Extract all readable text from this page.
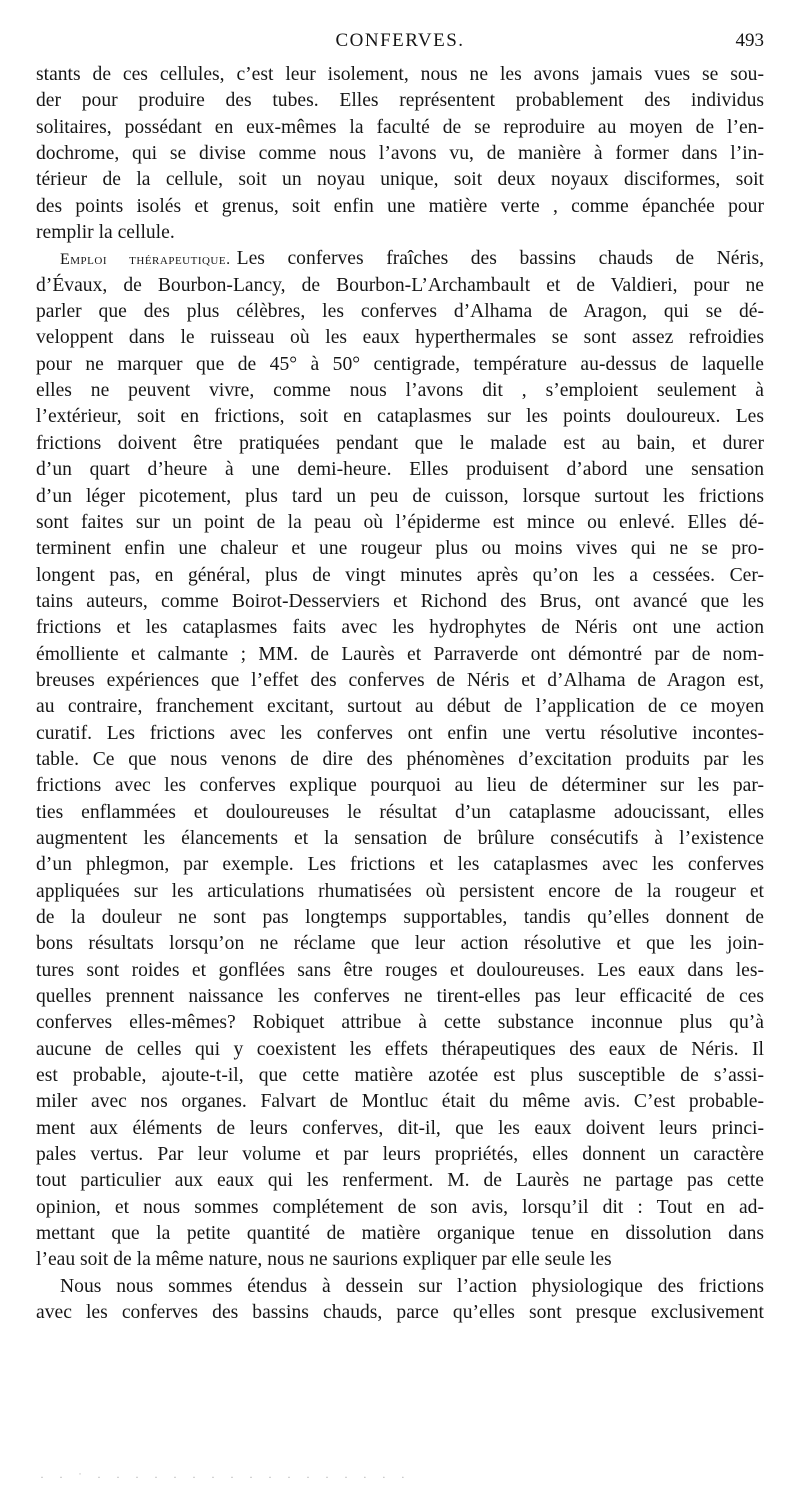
CONFERVES.	493
stants de ces cellules, c’est leur isolement, nous ne les avons jamais vues se sou-
der pour produire des tubes. Elles représentent probablement des individus
solitaires, possédant en eux-mêmes la faculté de se reproduire au moyen de l’en-
dochrome, qui se divise comme nous l’avons vu, de manière à former dans l’in-
térieur de la cellule, soit un noyau unique, soit deux noyaux disciformes, soit
des points isolés et grenus, soit enfin une matière verte , comme épanchée pour
remplir la cellule.
Emploi thérapeutique. Les conferves fraîches des bassins chauds de Néris,
d’Évaux, de Bourbon-Lancy, de Bourbon-L’Archambault et de Valdieri, pour ne
parler que des plus célèbres, les conferves d’Alhama de Aragon, qui se dé-
veloppent dans le ruisseau où les eaux hyperthermales se sont assez refroidies
pour ne marquer que de 45° à 50° centigrade, température au-dessus de laquelle
elles ne peuvent vivre, comme nous l’avons dit , s’emploient seulement à
l’extérieur, soit en frictions, soit en cataplasmes sur les points douloureux. Les
frictions doivent être pratiquées pendant que le malade est au bain, et durer
d’un quart d’heure à une demi-heure. Elles produisent d’abord une sensation
d’un léger picotement, plus tard un peu de cuisson, lorsque surtout les frictions
sont faites sur un point de la peau où l’épiderme est mince ou enlevé. Elles dé-
terminent enfin une chaleur et une rougeur plus ou moins vives qui ne se pro-
longent pas, en général, plus de vingt minutes après qu’on les a cessées. Cer-
tains auteurs, comme Boirot-Desserviers et Richond des Brus, ont avancé que les
frictions et les cataplasmes faits avec les hydrophytes de Néris ont une action
émolliente et calmante ; MM. de Laurès et Parraverde ont démontré par de nom-
breuses expériences que l’effet des conferves de Néris et d’Alhama de Aragon est,
au contraire, franchement excitant, surtout au début de l’application de ce moyen
curatif. Les frictions avec les conferves ont enfin une vertu résolutive incontes-
table. Ce que nous venons de dire des phénomènes d’excitation produits par les
frictions avec les conferves explique pourquoi au lieu de déterminer sur les par-
ties enflammées et douloureuses le résultat d’un cataplasme adoucissant, elles
augmentent les élancements et la sensation de brûlure consécutifs à l’existence
d’un phlegmon, par exemple. Les frictions et les cataplasmes avec les conferves
appliquées sur les articulations rhumatisées où persistent encore de la rougeur et
de la douleur ne sont pas longtemps supportables, tandis qu’elles donnent de
bons résultats lorsqu’on ne réclame que leur action résolutive et que les join-
tures sont roides et gonflées sans être rouges et douloureuses. Les eaux dans les-
quelles prennent naissance les conferves ne tirent-elles pas leur efficacité de ces
conferves elles-mêmes? Robiquet attribue à cette substance inconnue plus qu’à
aucune de celles qui y coexistent les effets thérapeutiques des eaux de Néris. Il
est probable, ajoute-t-il, que cette matière azotée est plus susceptible de s’assi-
miler avec nos organes. Falvart de Montluc était du même avis. C’est probable-
ment aux éléments de leurs conferves, dit-il, que les eaux doivent leurs princi-
pales vertus. Par leur volume et par leurs propriétés, elles donnent un caractère
tout particulier aux eaux qui les renferment. M. de Laurès ne partage pas cette
opinion, et nous sommes complétement de son avis, lorsqu’il dit : Tout en ad-
mettant que la petite quantité de matière organique tenue en dissolution dans
l’eau soit de la même nature, nous ne saurions expliquer par elle seule les
Nous nous sommes étendus à dessein sur l’action physiologique des frictions
avec les conferves des bassins chauds, parce qu’elles sont presque exclusivement
· · ˙ · · · · · · · · · · · · · · · · ·
